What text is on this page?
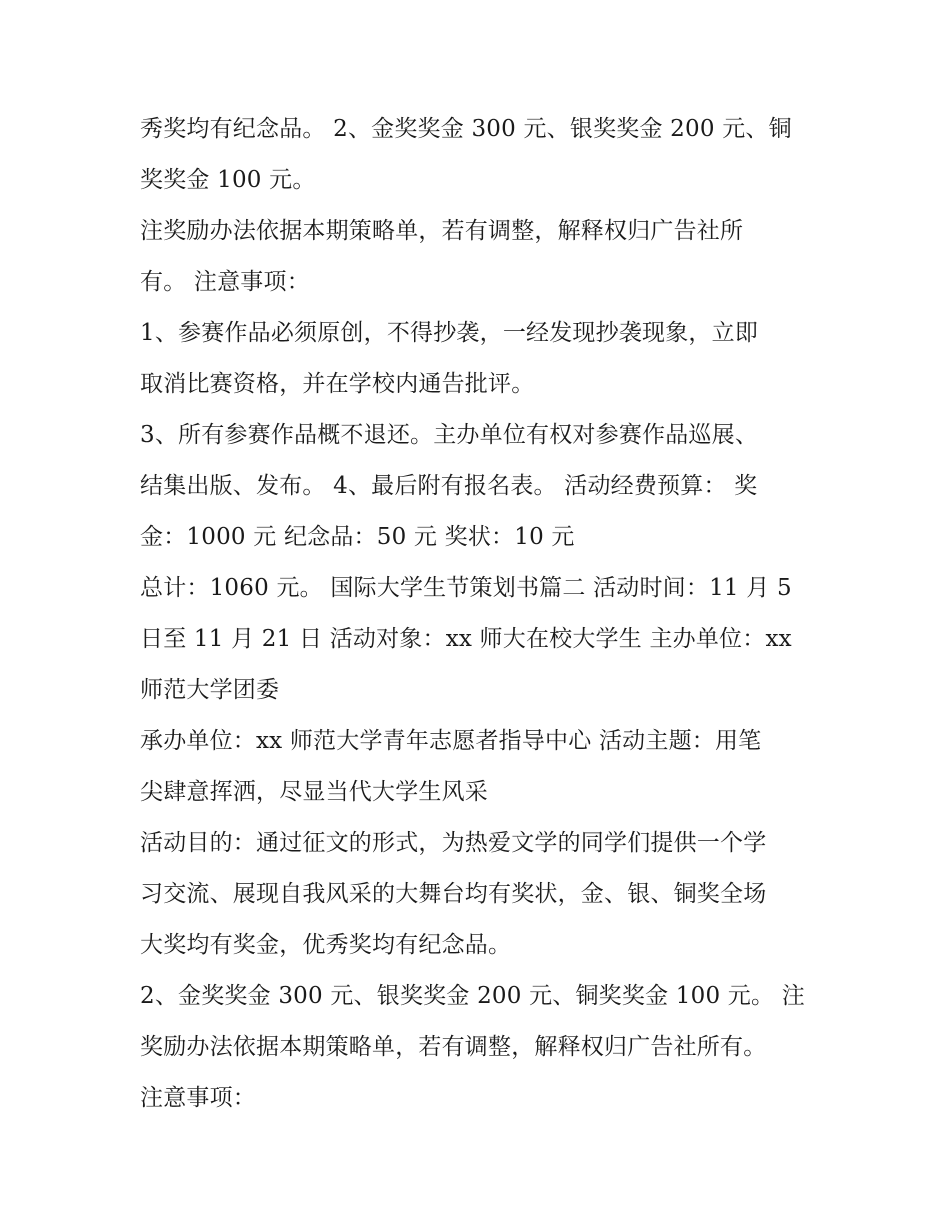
秀奖均有纪念品。 2、金奖奖金 300 元、银奖奖金 200 元、铜
奖奖金 100 元。
注奖励办法依据本期策略单，若有调整，解释权归广告社所
有。 注意事项：
1、参赛作品必须原创，不得抄袭，一经发现抄袭现象，立即
取消比赛资格，并在学校内通告批评。
3、所有参赛作品概不退还。主办单位有权对参赛作品巡展、
结集出版、发布。 4、最后附有报名表。 活动经费预算： 奖
金：1000 元 纪念品：50 元 奖状：10 元
总计：1060 元。 国际大学生节策划书篇二 活动时间：11 月 5
日至 11 月 21 日 活动对象：xx 师大在校大学生 主办单位：xx
师范大学团委
承办单位：xx 师范大学青年志愿者指导中心 活动主题：用笔
尖肆意挥洒，尽显当代大学生风采
活动目的：通过征文的形式，为热爱文学的同学们提供一个学
习交流、展现自我风采的大舞台均有奖状，金、银、铜奖全场
大奖均有奖金，优秀奖均有纪念品。
2、金奖奖金 300 元、银奖奖金 200 元、铜奖奖金 100 元。 注
奖励办法依据本期策略单，若有调整，解释权归广告社所有。
注意事项：
